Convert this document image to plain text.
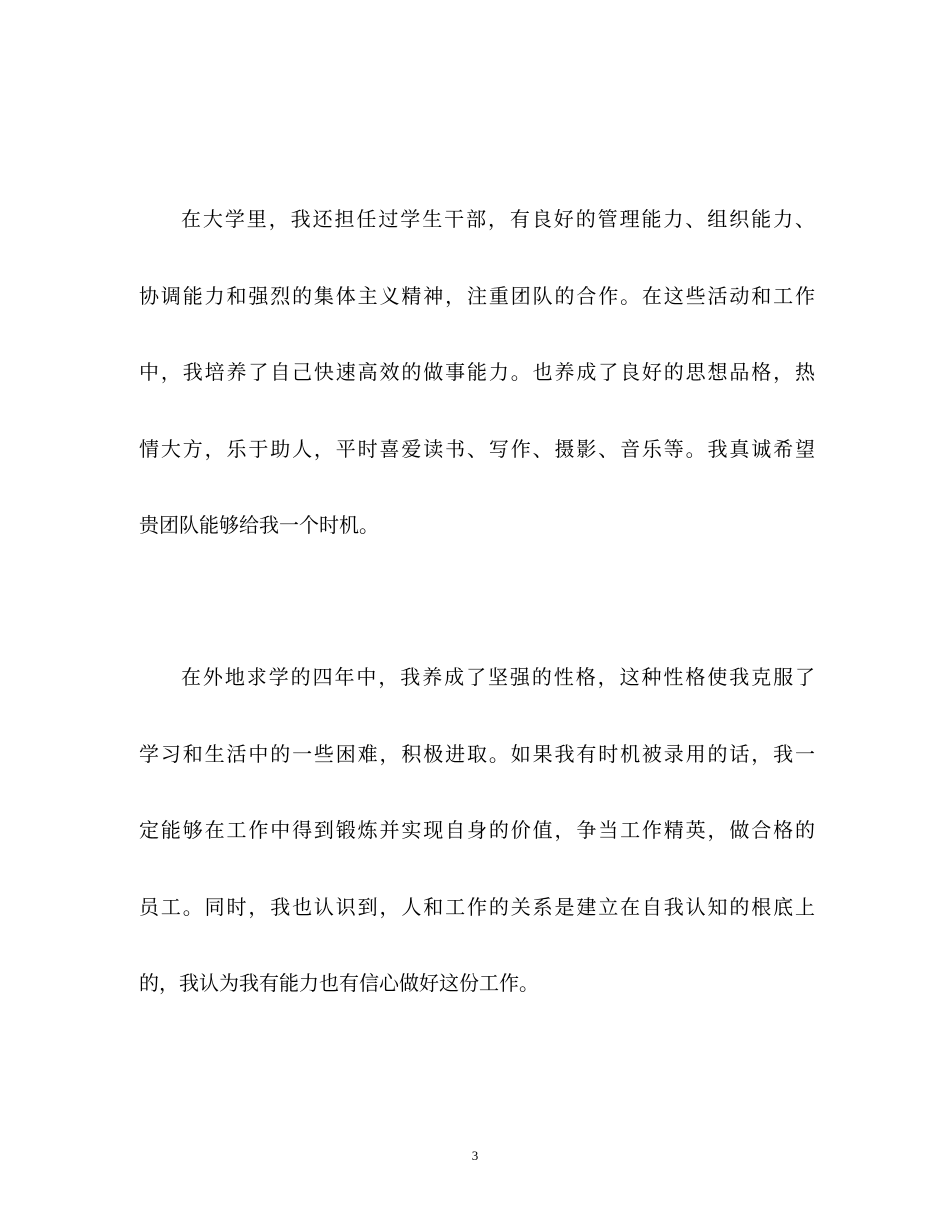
在大学里，我还担任过学生干部，有良好的管理能力、组织能力、
协调能力和强烈的集体主义精神，注重团队的合作。在这些活动和工作
中，我培养了自己快速高效的做事能力。也养成了良好的思想品格，热
情大方，乐于助人，平时喜爱读书、写作、摄影、音乐等。我真诚希望
贵团队能够给我一个时机。
在外地求学的四年中，我养成了坚强的性格，这种性格使我克服了
学习和生活中的一些困难，积极进取。如果我有时机被录用的话，我一
定能够在工作中得到锻炼并实现自身的价值，争当工作精英，做合格的
员工。同时，我也认识到，人和工作的关系是建立在自我认知的根底上
的，我认为我有能力也有信心做好这份工作。
3
